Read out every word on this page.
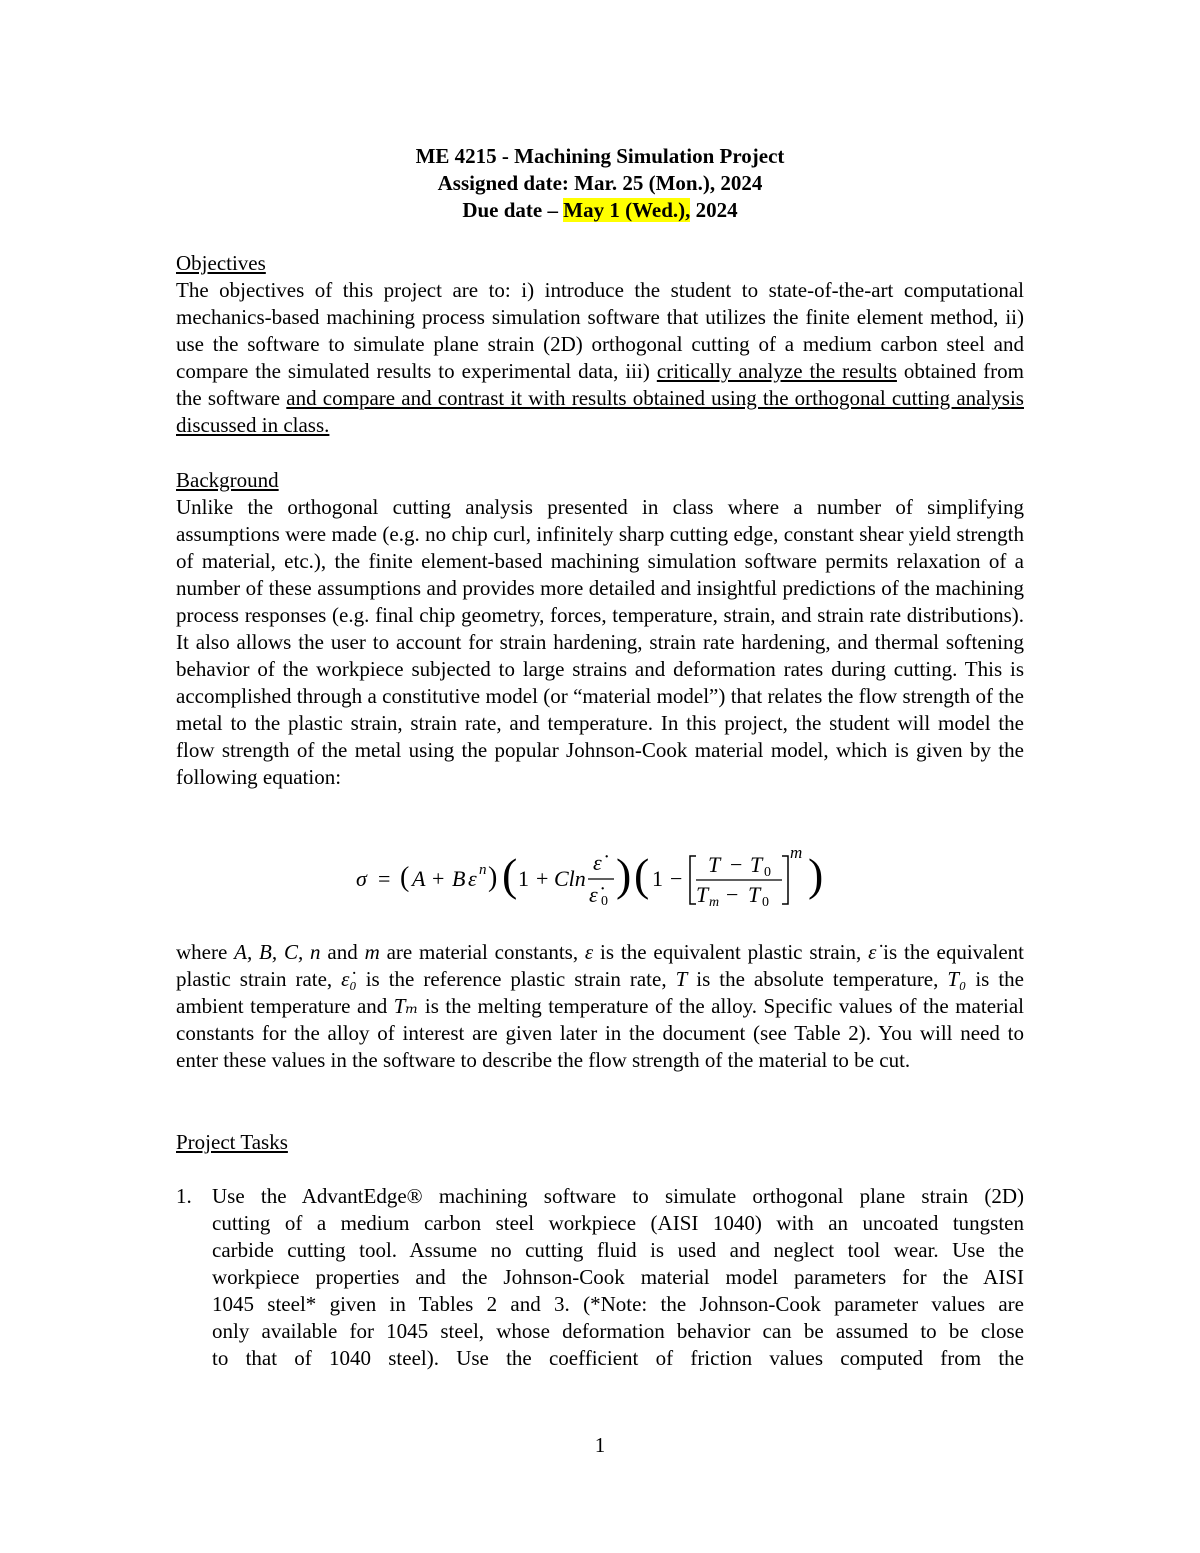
ME 4215 - Machining Simulation Project
Assigned date: Mar. 25 (Mon.), 2024
Due date – May 1 (Wed.), 2024
Objectives
The objectives of this project are to: i) introduce the student to state-of-the-art computational mechanics-based machining process simulation software that utilizes the finite element method, ii) use the software to simulate plane strain (2D) orthogonal cutting of a medium carbon steel and compare the simulated results to experimental data, iii) critically analyze the results obtained from the software and compare and contrast it with results obtained using the orthogonal cutting analysis discussed in class.
Background
Unlike the orthogonal cutting analysis presented in class where a number of simplifying assumptions were made (e.g. no chip curl, infinitely sharp cutting edge, constant shear yield strength of material, etc.), the finite element-based machining simulation software permits relaxation of a number of these assumptions and provides more detailed and insightful predictions of the machining process responses (e.g. final chip geometry, forces, temperature, strain, and strain rate distributions). It also allows the user to account for strain hardening, strain rate hardening, and thermal softening behavior of the workpiece subjected to large strains and deformation rates during cutting. This is accomplished through a constitutive model (or “material model”) that relates the flow strength of the metal to the plastic strain, strain rate, and temperature. In this project, the student will model the flow strength of the metal using the popular Johnson-Cook material model, which is given by the following equation:
σ = ( A + B ε n ) ( 1 + Cln
ε̇
ε̇ 0
) ( 1 −
T − T 0
T m − T 0
m )
where A, B, C, n and m are material constants, ε is the equivalent plastic strain, ε̇ is the equivalent plastic strain rate, ε̇₀ is the reference plastic strain rate, T is the absolute temperature, T₀ is the ambient temperature and Tₘ is the melting temperature of the alloy. Specific values of the material constants for the alloy of interest are given later in the document (see Table 2). You will need to enter these values in the software to describe the flow strength of the material to be cut.
Project Tasks
1. Use the AdvantEdge® machining software to simulate orthogonal plane strain (2D)
cutting of a medium carbon steel workpiece (AISI 1040) with an uncoated tungsten
carbide cutting tool. Assume no cutting fluid is used and neglect tool wear. Use the
workpiece properties and the Johnson-Cook material model parameters for the AISI
1045 steel* given in Tables 2 and 3. (*Note: the Johnson-Cook parameter values are
only available for 1045 steel, whose deformation behavior can be assumed to be close
to that of 1040 steel). Use the coefficient of friction values computed from the
1
